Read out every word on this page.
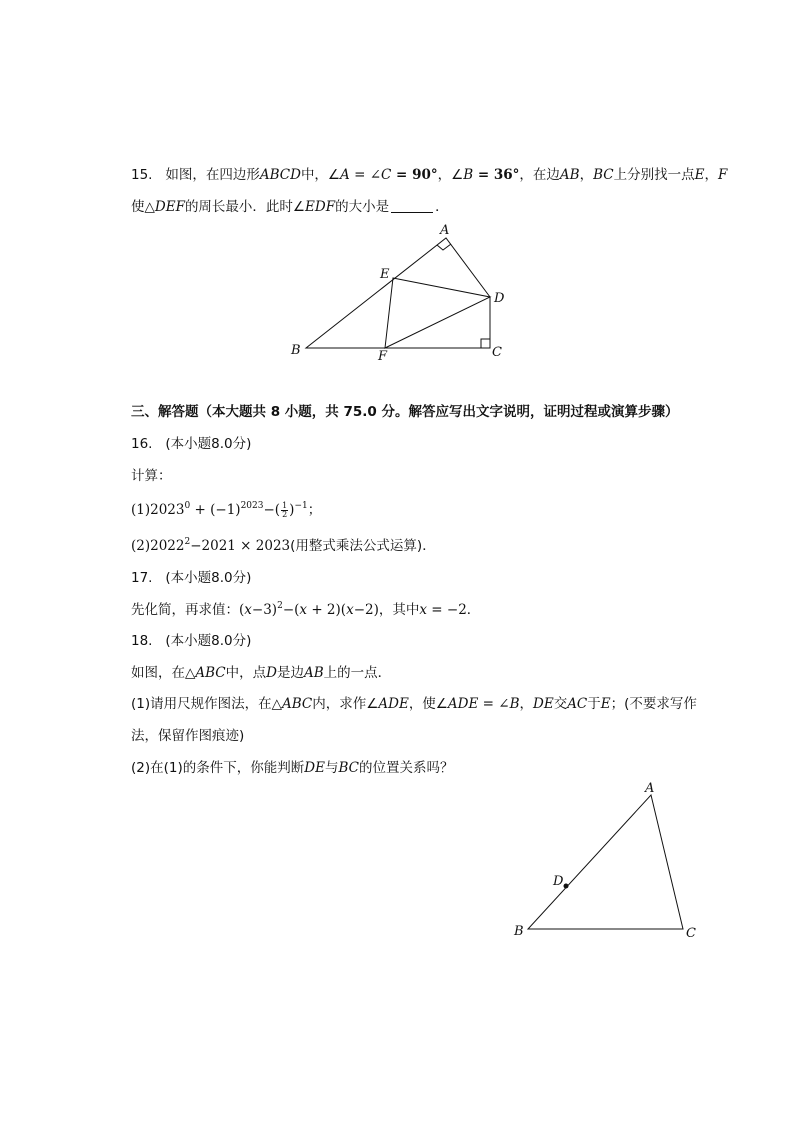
15. 如图，在四边形ABCD中，∠A = ∠C = 90°，∠B = 36°，在边AB，BC上分别找一点E，F
使△DEF的周长最小．此时∠EDF的大小是	．
A
E
D
B	F	C
三、解答题（本大题共 8 小题，共 75.0 分。解答应写出文字说明，证明过程或演算步骤）
16. (本小题8.0分)
计算：
$(1)2023^0 + (-1)^{2023}-( \frac{1}{2} )^{-1}$；
$(2)2022^2-2021 \times 2023$(用整式乘法公式运算)．
17. (本小题8.0分)
先化简，再求值：$(x-3)^2-(x + 2)(x-2)$，其中x = −2．
18. (本小题8.0分)
如图，在△ABC中，点D是边AB上的一点．
(1)请用尺规作图法，在△ABC内，求作∠ADE，使∠ADE = ∠B，DE交AC于E；(不要求写作
法，保留作图痕迹)
(2)在(1)的条件下，你能判断DE与BC的位置关系吗？
A
D
B	C
